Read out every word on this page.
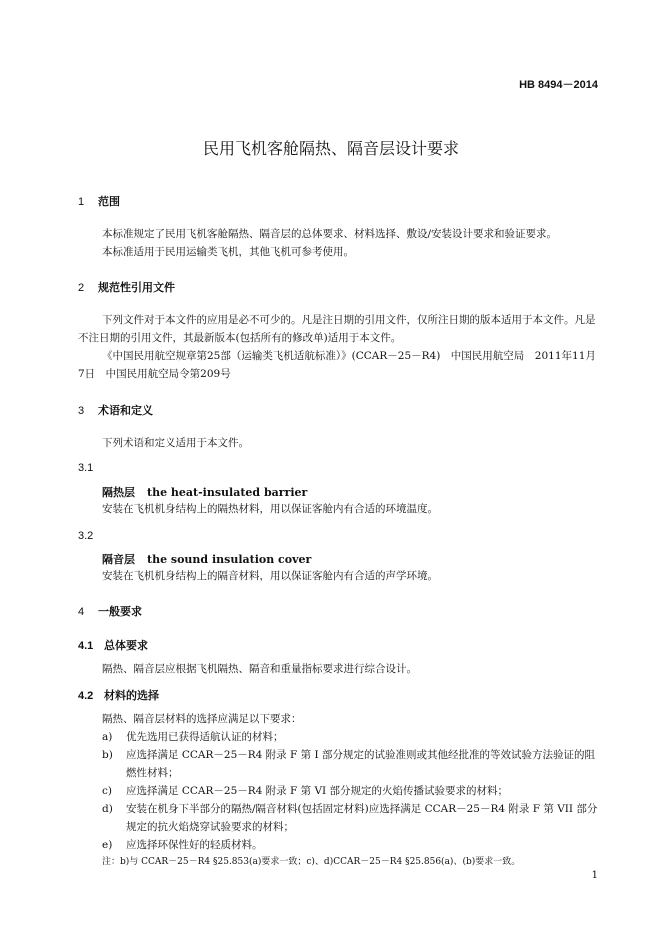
HB 8494－2014
民用飞机客舱隔热、隔音层设计要求
1 范围
本标准规定了民用飞机客舱隔热、隔音层的总体要求、材料选择、敷设/安装设计要求和验证要求。
本标准适用于民用运输类飞机，其他飞机可参考使用。
2 规范性引用文件
下列文件对于本文件的应用是必不可少的。凡是注日期的引用文件，仅所注日期的版本适用于本文件。凡是不注日期的引用文件，其最新版本(包括所有的修改单)适用于本文件。
《中国民用航空规章第25部（运输类飞机适航标准）》(CCAR－25－R4)　中国民用航空局　2011年11月7日　中国民用航空局令第209号
3 术语和定义
下列术语和定义适用于本文件。
3.1
隔热层 the heat-insulated barrier
安装在飞机机身结构上的隔热材料，用以保证客舱内有合适的环境温度。
3.2
隔音层 the sound insulation cover
安装在飞机机身结构上的隔音材料，用以保证客舱内有合适的声学环境。
4 一般要求
4.1 总体要求
隔热、隔音层应根据飞机隔热、隔音和重量指标要求进行综合设计。
4.2 材料的选择
隔热、隔音层材料的选择应满足以下要求：
a) 优先选用已获得适航认证的材料；
b) 应选择满足 CCAR－25－R4 附录 F 第 I 部分规定的试验准则或其他经批准的等效试验方法验证的阻燃性材料；
c) 应选择满足 CCAR－25－R4 附录 F 第 VI 部分规定的火焰传播试验要求的材料；
d) 安装在机身下半部分的隔热/隔音材料(包括固定材料)应选择满足 CCAR－25－R4 附录 F 第 VII 部分规定的抗火焰烧穿试验要求的材料；
e) 应选择环保性好的轻质材料。
注：b)与 CCAR－25－R4 §25.853(a)要求一致；c)、d)CCAR－25－R4 §25.856(a)、(b)要求一致。
1
